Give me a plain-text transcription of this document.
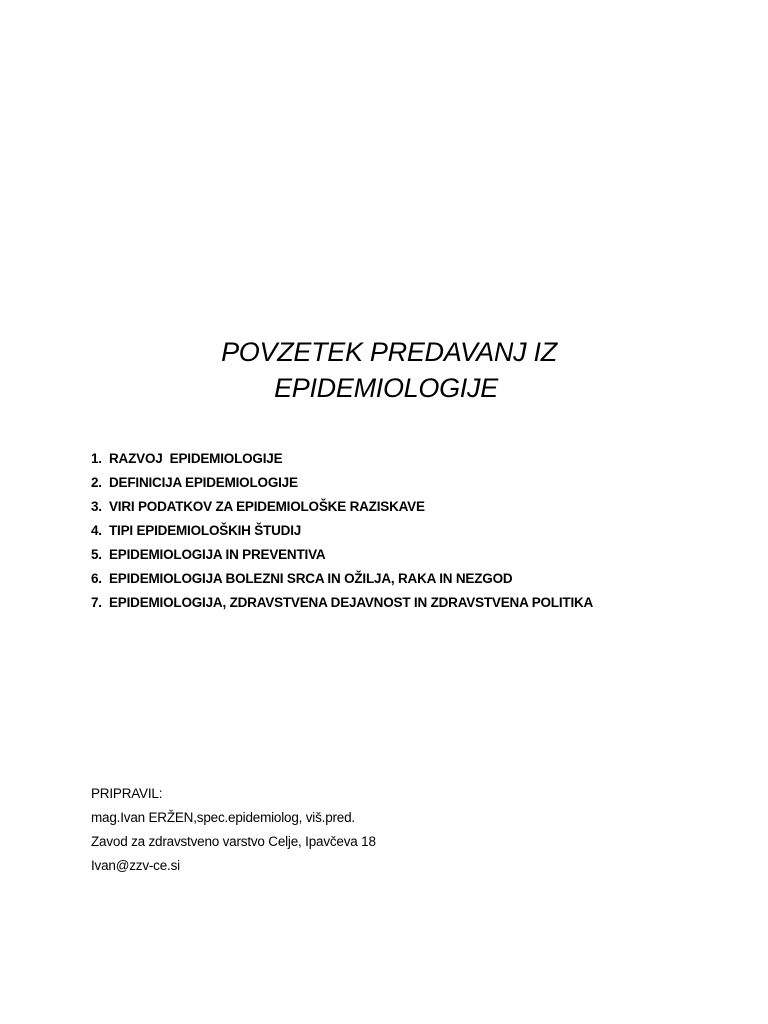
POVZETEK PREDAVANJ IZ
EPIDEMIOLOGIJE
1. RAZVOJ  EPIDEMIOLOGIJE
2. DEFINICIJA EPIDEMIOLOGIJE
3. VIRI PODATKOV ZA EPIDEMIOLOŠKE RAZISKAVE
4. TIPI EPIDEMIOLOŠKIH ŠTUDIJ
5. EPIDEMIOLOGIJA IN PREVENTIVA
6. EPIDEMIOLOGIJA BOLEZNI SRCA IN OŽILJA, RAKA IN NEZGOD
7. EPIDEMIOLOGIJA, ZDRAVSTVENA DEJAVNOST IN ZDRAVSTVENA POLITIKA
PRIPRAVIL:
mag.Ivan ERŽEN,spec.epidemiolog, viš.pred.
Zavod za zdravstveno varstvo Celje, Ipavčeva 18
Ivan@zzv-ce.si
